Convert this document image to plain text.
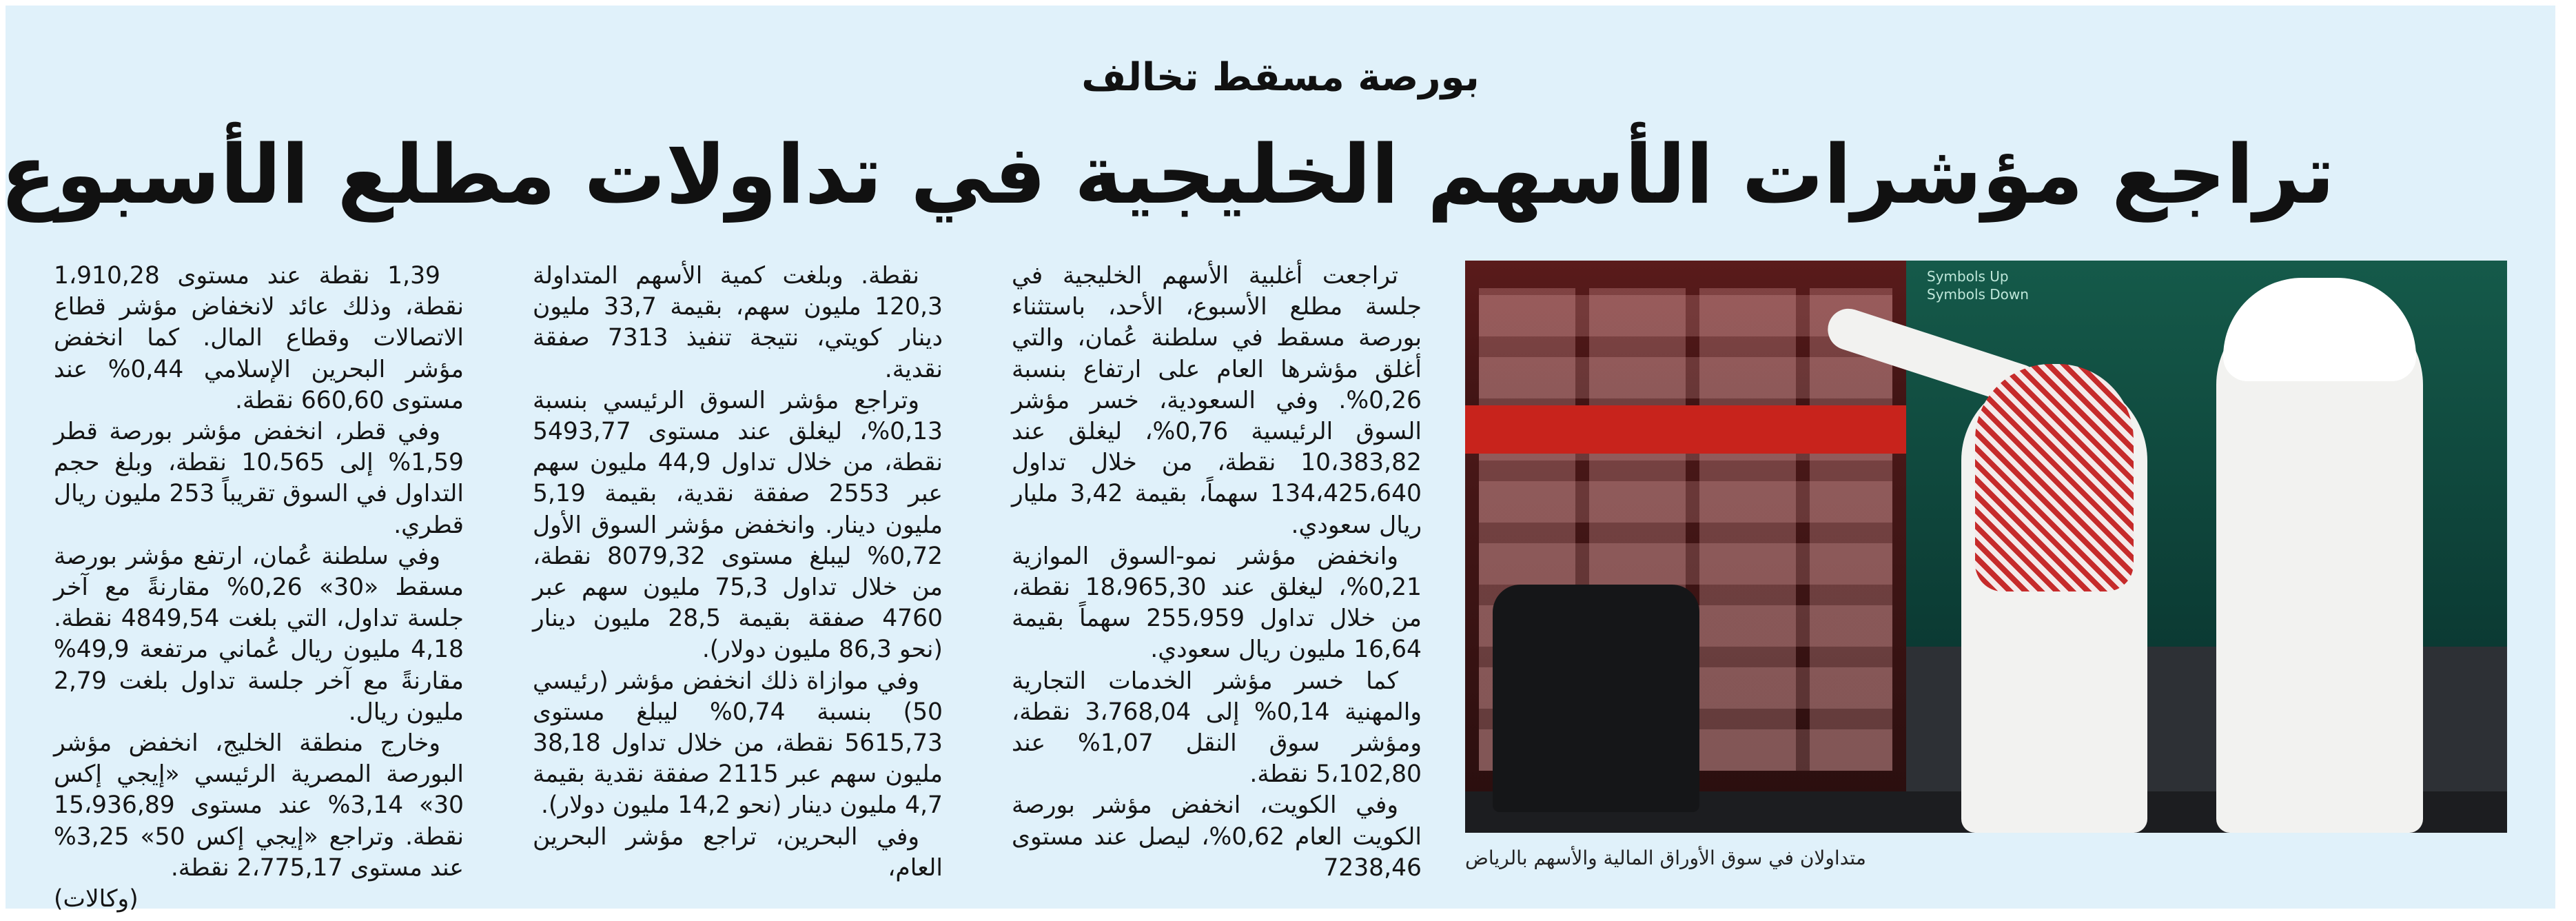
بورصة مسقط تخالف
تراجع مؤشرات الأسهم الخليجية في تداولات مطلع الأسبوع

تراجعت أغلبية الأسهم الخليجية في جلسة مطلع الأسبوع، الأحد، باستثناء بورصة مسقط في سلطنة عُمان، والتي أغلق مؤشرها العام على ارتفاع بنسبة 0,26%. وفي السعودية، خسر مؤشر السوق الرئيسية 0,76%، ليغلق عند 10،383,82 نقطة، من خلال تداول 134،425،640 سهماً، بقيمة 3,42 مليار ريال سعودي.

وانخفض مؤشر نمو-السوق الموازية 0,21%، ليغلق عند 18،965,30 نقطة، من خلال تداول 255،959 سهماً بقيمة 16,64 مليون ريال سعودي.

كما خسر مؤشر الخدمات التجارية والمهنية 0,14% إلى 3،768,04 نقطة، ومؤشر سوق النقل 1,07% عند 5،102,80 نقطة.

وفي الكويت، انخفض مؤشر بورصة الكويت العام 0,62%، ليصل عند مستوى 7238,46

نقطة. وبلغت كمية الأسهم المتداولة 120,3 مليون سهم، بقيمة 33,7 مليون دينار كويتي، نتيجة تنفيذ 7313 صفقة نقدية.

وتراجع مؤشر السوق الرئيسي بنسبة 0,13%، ليغلق عند مستوى 5493,77 نقطة، من خلال تداول 44,9 مليون سهم عبر 2553 صفقة نقدية، بقيمة 5,19 مليون دينار. وانخفض مؤشر السوق الأول 0,72% ليبلغ مستوى 8079,32 نقطة، من خلال تداول 75,3 مليون سهم عبر 4760 صفقة بقيمة 28,5 مليون دينار (نحو 86,3 مليون دولار).

وفي موازاة ذلك انخفض مؤشر (رئيسي 50) بنسبة 0,74% ليبلغ مستوى 5615,73 نقطة، من خلال تداول 38,18 مليون سهم عبر 2115 صفقة نقدية بقيمة 4,7 مليون دينار (نحو 14,2 مليون دولار).

وفي البحرين، تراجع مؤشر البحرين العام،

1,39 نقطة عند مستوى 1،910,28 نقطة، وذلك عائد لانخفاض مؤشر قطاع الاتصالات وقطاع المال. كما انخفض مؤشر البحرين الإسلامي 0,44% عند مستوى 660,60 نقطة.

وفي قطر، انخفض مؤشر بورصة قطر 1,59% إلى 10،565 نقطة، وبلغ حجم التداول في السوق تقريباً 253 مليون ريال قطري.

وفي سلطنة عُمان، ارتفع مؤشر بورصة مسقط «30» 0,26% مقارنةً مع آخر جلسة تداول، التي بلغت 4849,54 نقطة. 4,18 مليون ريال عُماني مرتفعة 49,9% مقارنةً مع آخر جلسة تداول بلغت 2,79 مليون ريال.

وخارج منطقة الخليج، انخفض مؤشر البورصة المصرية الرئيسي «إيجي إكس 30» 3,14% عند مستوى 15،936,89 نقطة. وتراجع «إيجي إكس 50» 3,25% عند مستوى 2،775,17 نقطة.

(وكالات)
Symbols Up
Symbols Down
متداولان في سوق الأوراق المالية والأسهم بالرياض
